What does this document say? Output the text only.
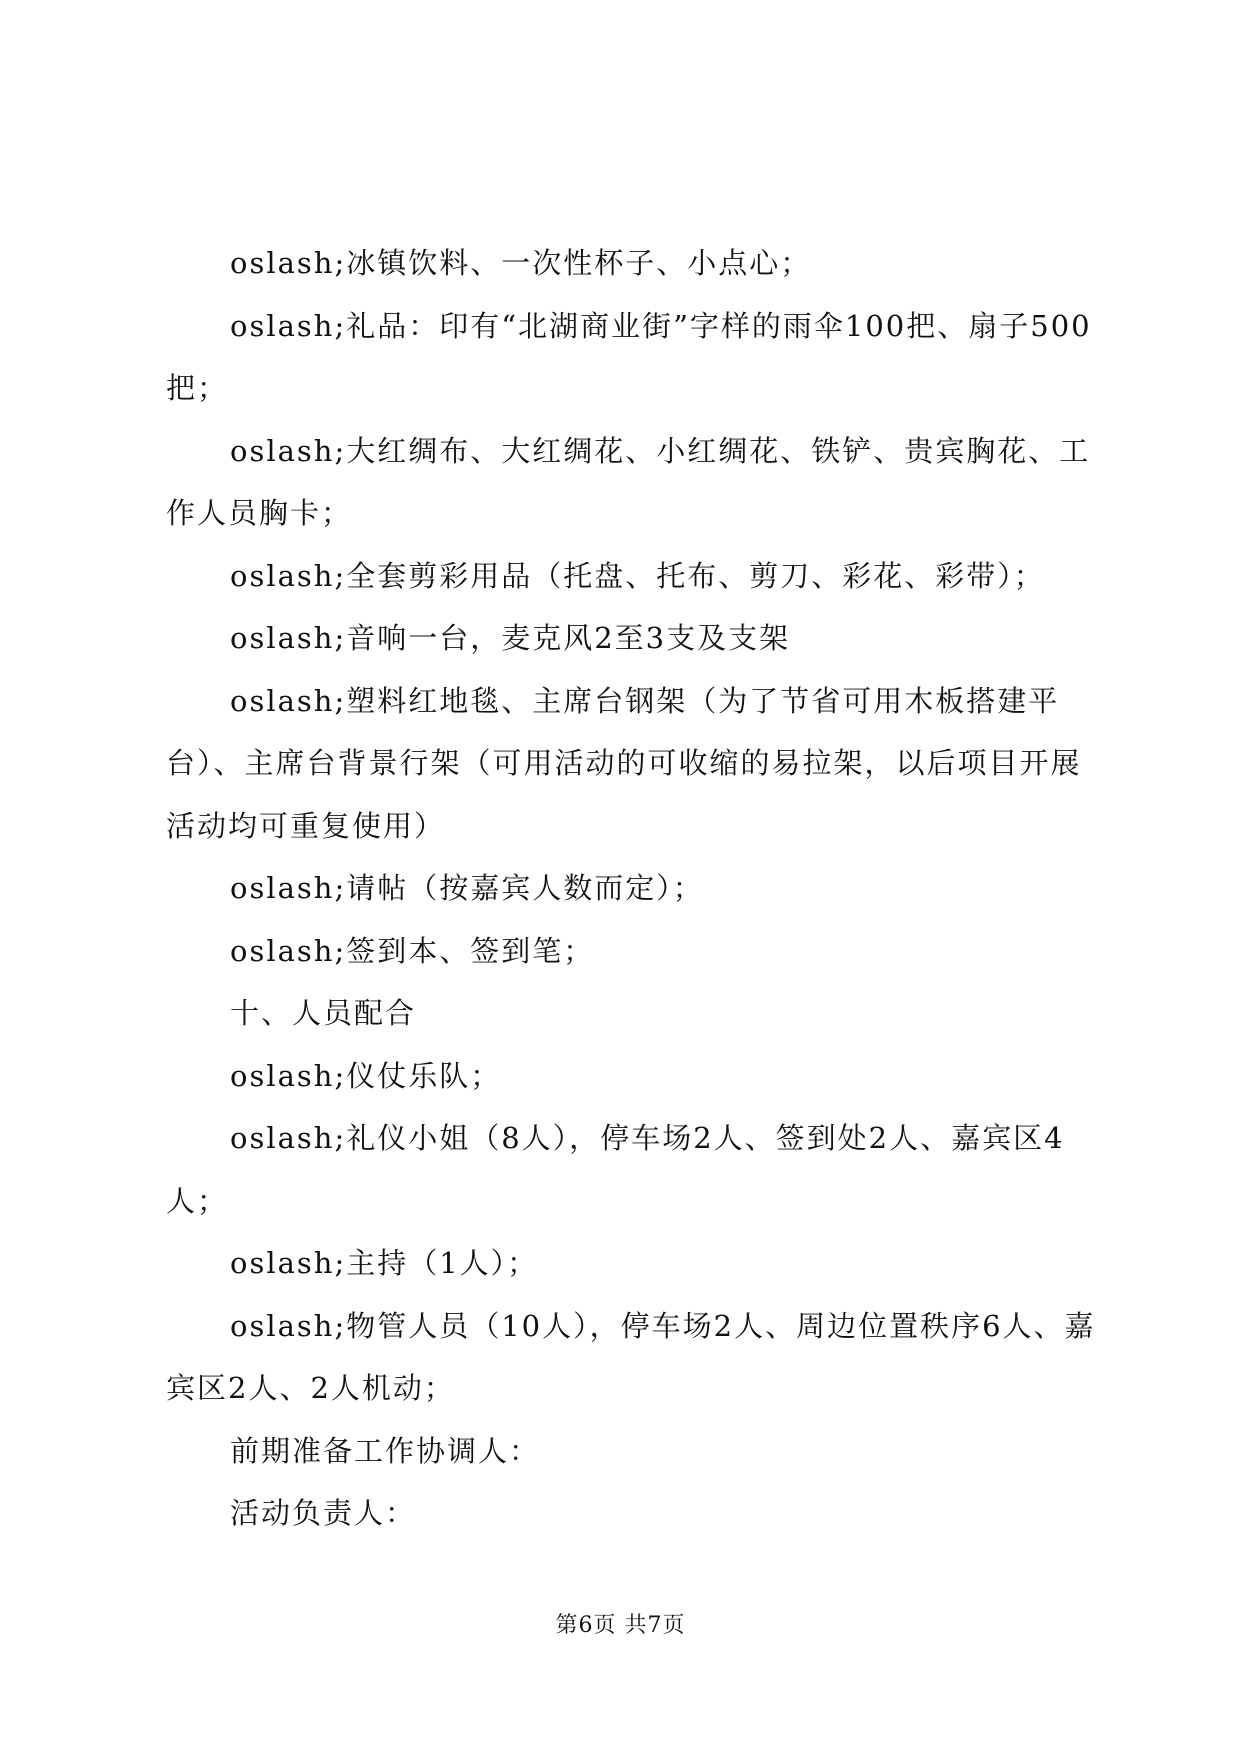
oslash;冰镇饮料、一次性杯子、小点心；

oslash;礼品：印有“北湖商业街”字样的雨伞100把、扇子500把；

oslash;大红绸布、大红绸花、小红绸花、铁铲、贵宾胸花、工作人员胸卡；

oslash;全套剪彩用品（托盘、托布、剪刀、彩花、彩带）；

oslash;音响一台，麦克风2至3支及支架

oslash;塑料红地毯、主席台钢架（为了节省可用木板搭建平台）、主席台背景行架（可用活动的可收缩的易拉架，以后项目开展活动均可重复使用）

oslash;请帖（按嘉宾人数而定）；

oslash;签到本、签到笔；

十、人员配合

oslash;仪仗乐队；

oslash;礼仪小姐（8人），停车场2人、签到处2人、嘉宾区4人；

oslash;主持（1人）；

oslash;物管人员（10人），停车场2人、周边位置秩序6人、嘉宾区2人、2人机动；

前期准备工作协调人：

活动负责人：

第6页 共7页
